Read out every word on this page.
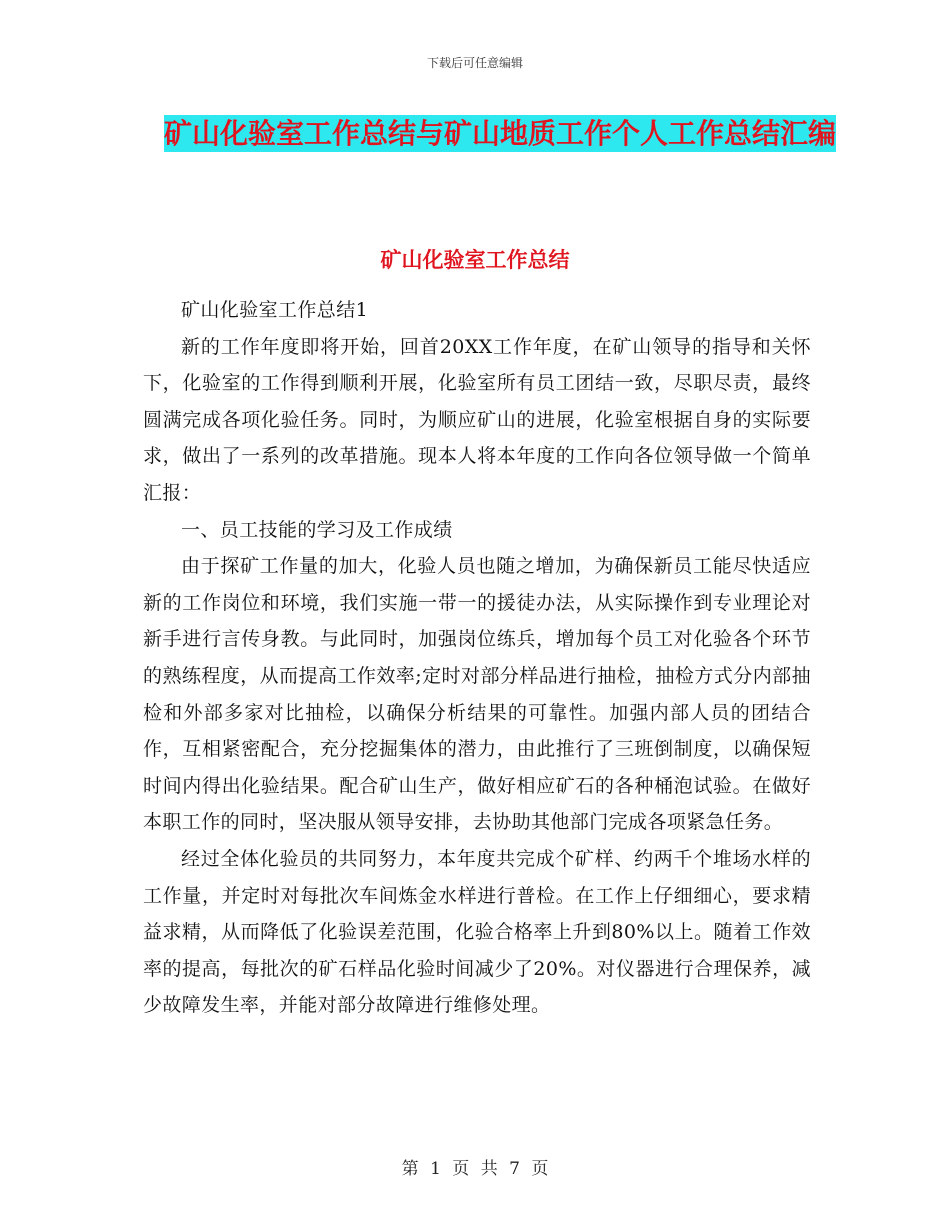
下载后可任意编辑
矿山化验室工作总结与矿山地质工作个人工作总结汇编
矿山化验室工作总结

矿山化验室工作总结1

新的工作年度即将开始，回首20XX工作年度，在矿山领导的指导和关怀下，化验室的工作得到顺利开展，化验室所有员工团结一致，尽职尽责，最终圆满完成各项化验任务。同时，为顺应矿山的进展，化验室根据自身的实际要求，做出了一系列的改革措施。现本人将本年度的工作向各位领导做一个简单汇报：

一、员工技能的学习及工作成绩

由于探矿工作量的加大，化验人员也随之增加，为确保新员工能尽快适应新的工作岗位和环境，我们实施一带一的援徒办法，从实际操作到专业理论对新手进行言传身教。与此同时，加强岗位练兵，增加每个员工对化验各个环节的熟练程度，从而提高工作效率;定时对部分样品进行抽检，抽检方式分内部抽检和外部多家对比抽检，以确保分析结果的可靠性。加强内部人员的团结合作，互相紧密配合，充分挖掘集体的潜力，由此推行了三班倒制度，以确保短时间内得出化验结果。配合矿山生产，做好相应矿石的各种桶泡试验。在做好本职工作的同时，坚决服从领导安排，去协助其他部门完成各项紧急任务。

经过全体化验员的共同努力，本年度共完成个矿样、约两千个堆场水样的工作量，并定时对每批次车间炼金水样进行普检。在工作上仔细细心，要求精益求精，从而降低了化验误差范围，化验合格率上升到80%以上。随着工作效率的提高，每批次的矿石样品化验时间减少了20%。对仪器进行合理保养，减少故障发生率，并能对部分故障进行维修处理。

第 1 页 共 7 页
